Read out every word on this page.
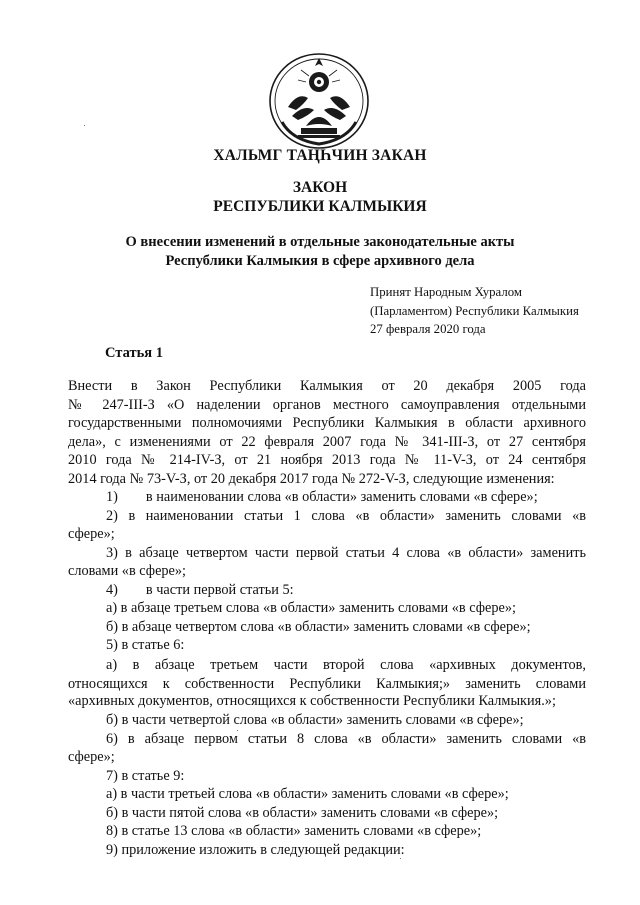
ХАЛЬМГ ТАҢҺЧИН ЗАКАН
ЗАКОН
РЕСПУБЛИКИ КАЛМЫКИЯ
О внесении изменений в отдельные законодательные акты
Республики Калмыкия в сфере архивного дела
Принят Народным Хуралом
(Парламентом) Республики Калмыкия
27 февраля 2020 года
Статья 1
Внести в Закон Республики Калмыкия от 20 декабря 2005 года
№ 247-III-З «О наделении органов местного самоуправления отдельными
государственными полномочиями Республики Калмыкия в области архивного
дела», с изменениями от 22 февраля 2007 года № 341-III-З, от 27 сентября
2010 года № 214-IV-З, от 21 ноября 2013 года № 11-V-З, от 24 сентября
2014 года № 73-V-З, от 20 декабря 2017 года № 272-V-З, следующие изменения:
1) в наименовании слова «в области» заменить словами «в сфере»;
2) в наименовании статьи 1 слова «в области» заменить словами «в
сфере»;
3) в абзаце четвертом части первой статьи 4 слова «в области» заменить
словами «в сфере»;
4) в части первой статьи 5:
а) в абзаце третьем слова «в области» заменить словами «в сфере»;
б) в абзаце четвертом слова «в области» заменить словами «в сфере»;
5) в статье 6:
а) в абзаце третьем части второй слова «архивных документов,
относящихся к собственности Республики Калмыкия;» заменить словами
«архивных документов, относящихся к собственности Республики Калмыкия.»;
б) в части четвертой слова «в области» заменить словами «в сфере»;
6) в абзаце первом статьи 8 слова «в области» заменить словами «в
сфере»;
7) в статье 9:
а) в части третьей слова «в области» заменить словами «в сфере»;
б) в части пятой слова «в области» заменить словами «в сфере»;
8) в статье 13 слова «в области» заменить словами «в сфере»;
9) приложение изложить в следующей редакции:
